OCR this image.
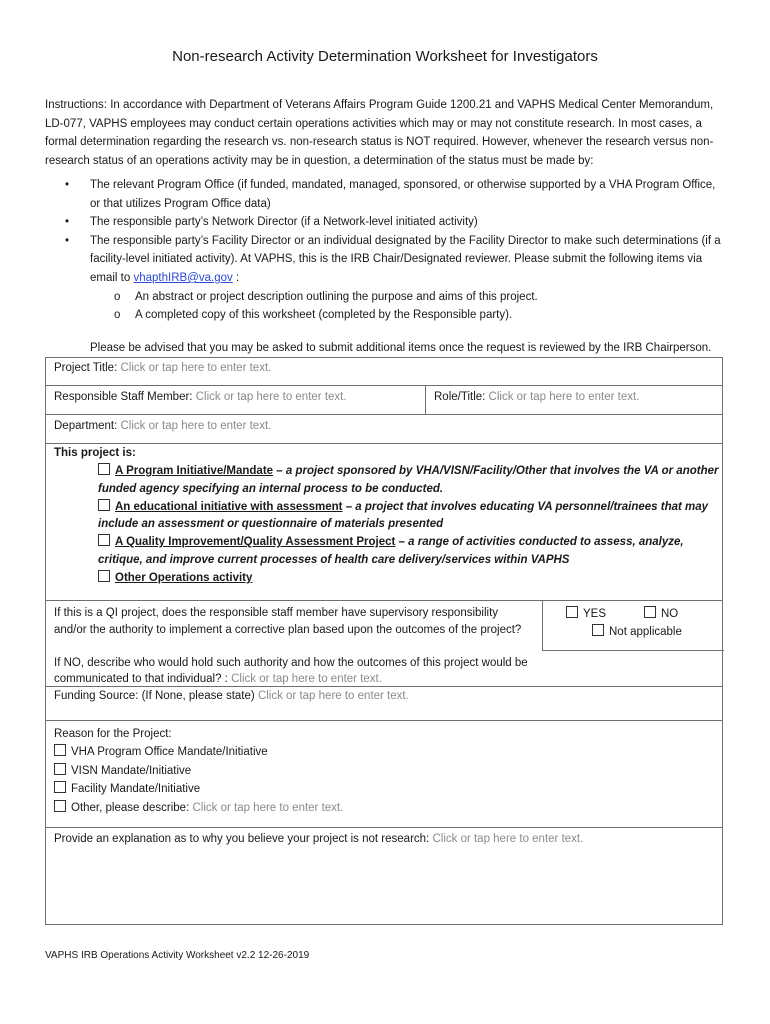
Non-research Activity Determination Worksheet for Investigators
Instructions: In accordance with Department of Veterans Affairs Program Guide 1200.21 and VAPHS Medical Center Memorandum, LD-077, VAPHS employees may conduct certain operations activities which may or may not constitute research. In most cases, a formal determination regarding the research vs. non-research status is NOT required. However, whenever the research versus non-research status of an operations activity may be in question, a determination of the status must be made by:
• The relevant Program Office (if funded, mandated, managed, sponsored, or otherwise supported by a VHA Program Office, or that utilizes Program Office data)
• The responsible party’s Network Director (if a Network-level initiated activity)
• The responsible party’s Facility Director or an individual designated by the Facility Director to make such determinations (if a facility-level initiated activity). At VAPHS, this is the IRB Chair/Designated reviewer. Please submit the following items via email to vhapthIRB@va.gov :
o An abstract or project description outlining the purpose and aims of this project.
o A completed copy of this worksheet (completed by the Responsible party).
Please be advised that you may be asked to submit additional items once the request is reviewed by the IRB Chairperson.
Project Title: Click or tap here to enter text.
Responsible Staff Member: Click or tap here to enter text.	Role/Title: Click or tap here to enter text.
Department: Click or tap here to enter text.
This project is:
A Program Initiative/Mandate – a project sponsored by VHA/VISN/Facility/Other that involves the VA or another funded agency specifying an internal process to be conducted.
An educational initiative with assessment – a project that involves educating VA personnel/trainees that may include an assessment or questionnaire of materials presented
A Quality Improvement/Quality Assessment Project – a range of activities conducted to assess, analyze, critique, and improve current processes of health care delivery/services within VAPHS
Other Operations activity
If this is a QI project, does the responsible staff member have supervisory responsibility and/or the authority to implement a corrective plan based upon the outcomes of the project?
YES	NO
Not applicable
If NO, describe who would hold such authority and how the outcomes of this project would be communicated to that individual? : Click or tap here to enter text.
Funding Source: (If None, please state) Click or tap here to enter text.
Reason for the Project:
VHA Program Office Mandate/Initiative
VISN Mandate/Initiative
Facility Mandate/Initiative
Other, please describe: Click or tap here to enter text.
Provide an explanation as to why you believe your project is not research: Click or tap here to enter text.
VAPHS IRB Operations Activity Worksheet v2.2 12-26-2019
